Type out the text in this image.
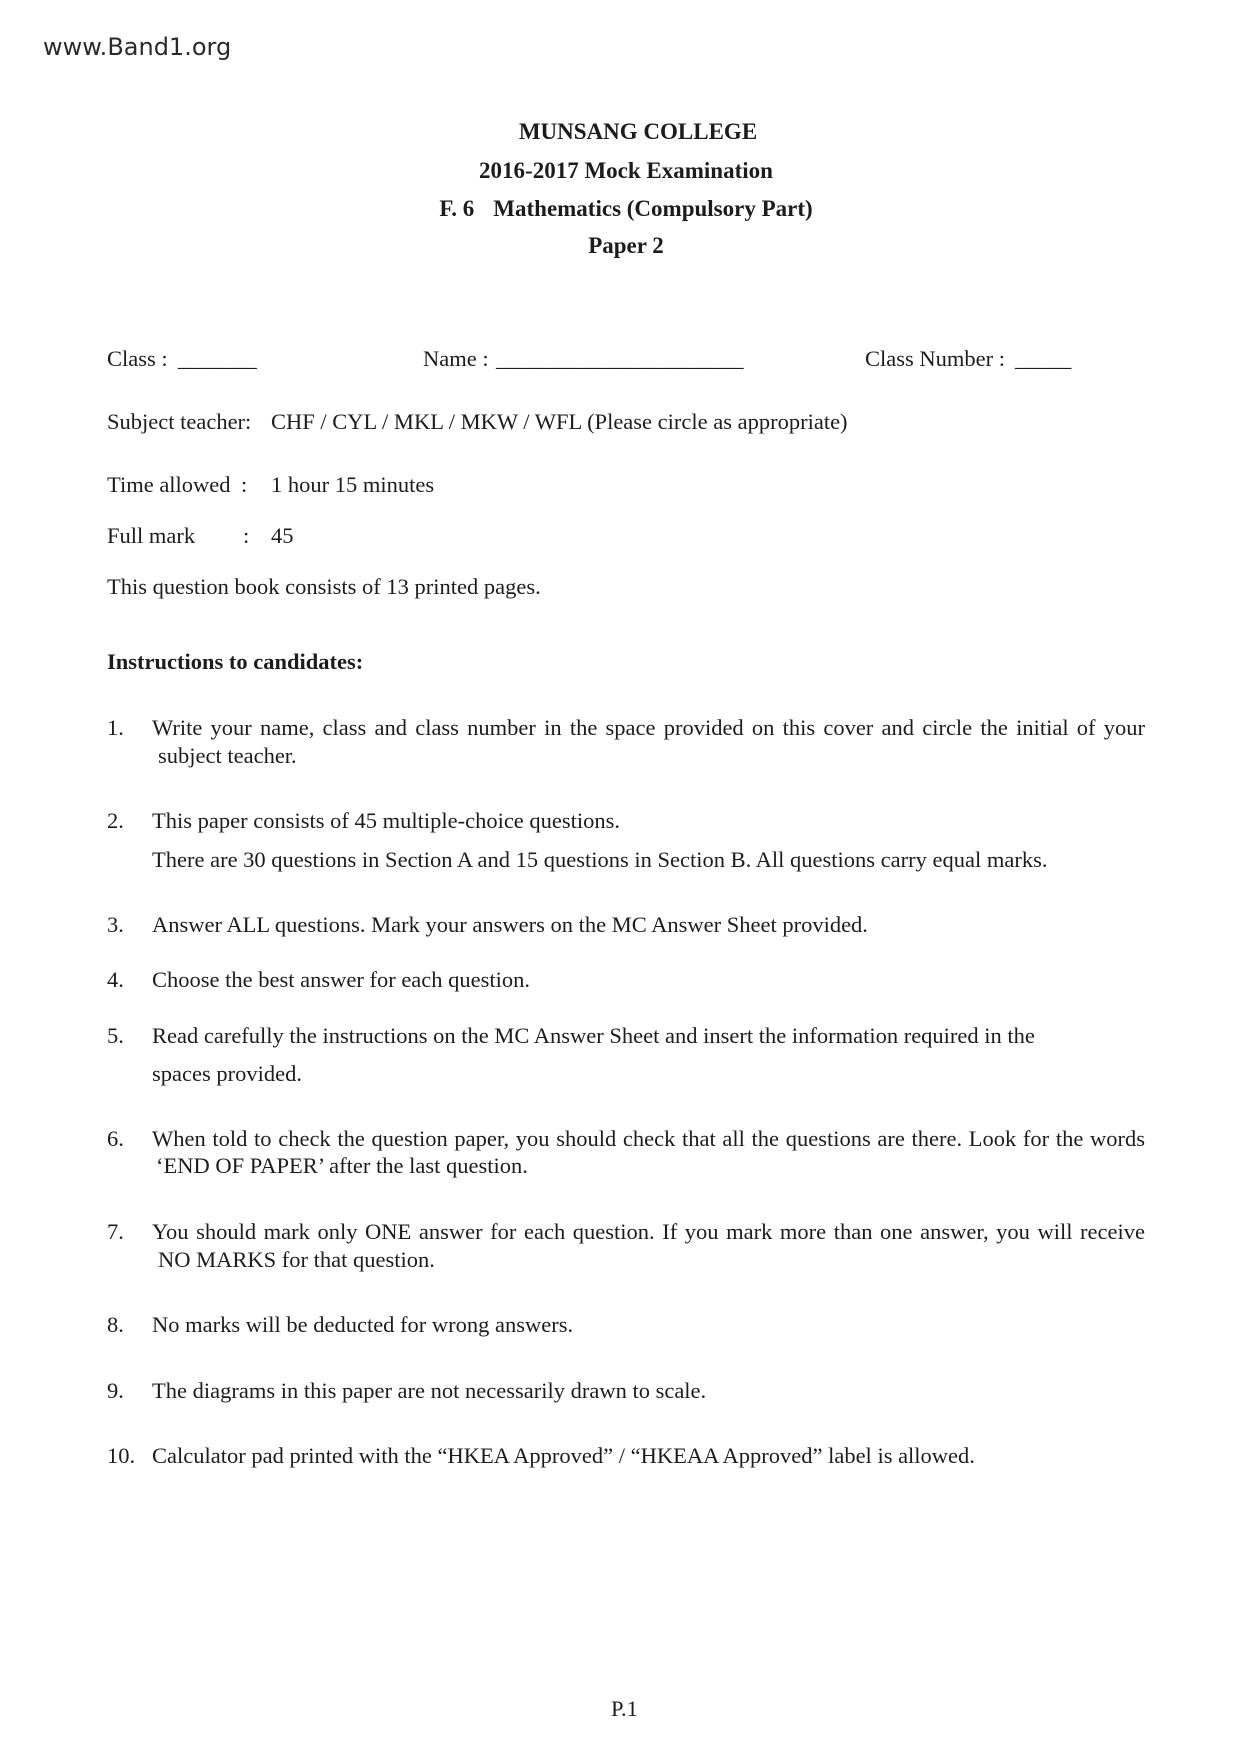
www.Band1.org
MUNSANG COLLEGE
2016-2017 Mock Examination
F. 6 Mathematics (Compulsory Part)
Paper 2
Class : _______	Name : ______________________	Class Number : _____
Subject teacher: CHF / CYL / MKL / MKW / WFL (Please circle as appropriate)
Time allowed : 1 hour 15 minutes
Full mark : 45
This question book consists of 13 printed pages.
Instructions to candidates:
1. Write your name, class and class number in the space provided on this cover and circle the initial of your
subject teacher.
2. This paper consists of 45 multiple-choice questions.
There are 30 questions in Section A and 15 questions in Section B. All questions carry equal marks.
3. Answer ALL questions. Mark your answers on the MC Answer Sheet provided.
4. Choose the best answer for each question.
5. Read carefully the instructions on the MC Answer Sheet and insert the information required in the
spaces provided.
6. When told to check the question paper, you should check that all the questions are there. Look for the words
‘END OF PAPER’ after the last question.
7. You should mark only ONE answer for each question. If you mark more than one answer, you will receive
NO MARKS for that question.
8. No marks will be deducted for wrong answers.
9. The diagrams in this paper are not necessarily drawn to scale.
10. Calculator pad printed with the “HKEA Approved” / “HKEAA Approved” label is allowed.
P.1
